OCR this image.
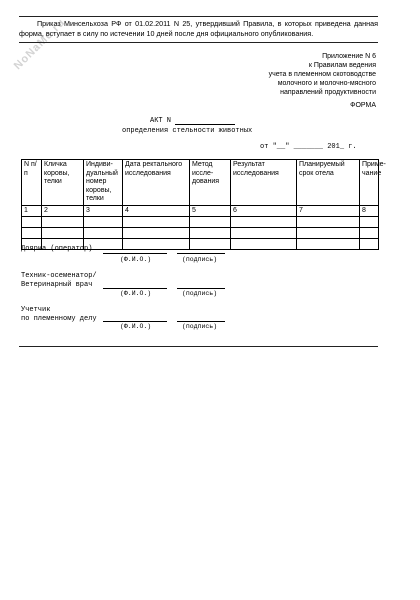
NoNaMe.ru
Приказ Минсельхоза РФ от 01.02.2011 N 25, утвердивший Правила, в которых приведена данная форма, вступает в силу по истечении 10 дней после дня официального опубликования.
Приложение N 6
к Правилам ведения
учета в племенном скотоводстве
молочного и молочно-мясного
направлений продуктивности
ФОРМА
АКТ N
определения стельности животных
от "__" _______ 201_ г.
N п/п	Кличка коровы, телки	Индивидуальный номер коровы, телки	Дата ректального исследования	Метод исследования	Результат исследования	Планируемый срок отела	Примечание
1	2	3	4	5	6	7	8

Доярка (оператор)
(Ф.И.О.)	(подпись)
Техник-осеменатор/
Ветеринарный врач
(Ф.И.О.)	(подпись)
Учетчик
по племенному делу
(Ф.И.О.)	(подпись)
